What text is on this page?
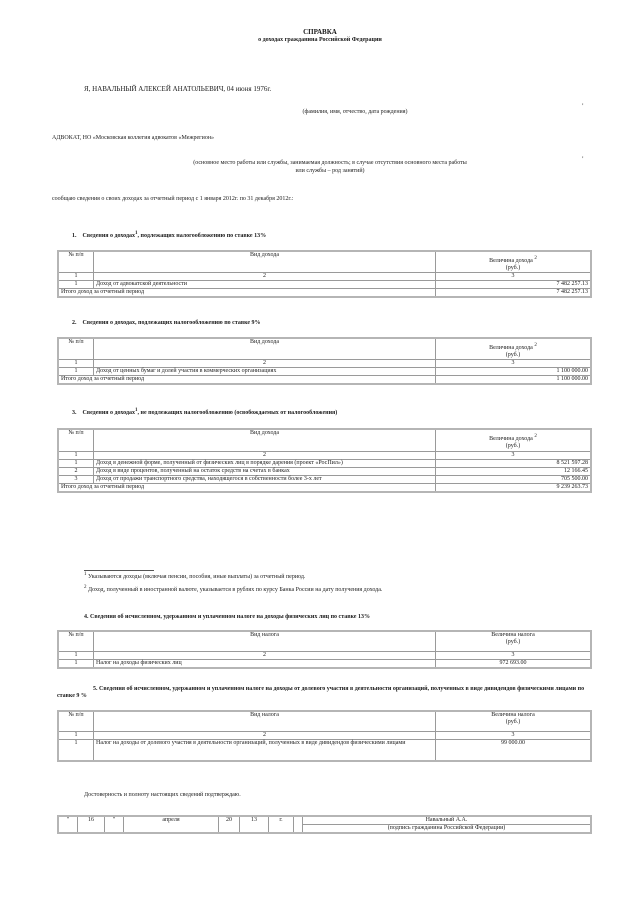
СПРАВКА
о доходах гражданина Российской Федерации
Я, НАВАЛЬНЫЙ АЛЕКСЕЙ АНАТОЛЬЕВИЧ, 04 июня 1976г.
(фамилия, имя, отчество, дата рождения)
,
АДВОКАТ, НО «Московская коллегия адвокатов «Межрегион»
(основное место работы или службы, занимаемая должность; в случае отсутствия основного места работы
или службы – род занятий)
,
сообщаю сведения о своих доходах за отчетный период с 1 января 2012г. по 31 декабря 2012г.:
1. Сведения о доходах$^1$, подлежащих налогообложению по ставке 13%
№ п/п	Вид дохода	Величина дохода $^2$
(руб.)
1	2	3
1	Доход от адвокатской деятельности	7 482 257.13
Итого доход за отчетный период		7 482 257.13
2. Сведения о доходах, подлежащих налогообложению по ставке 9%
№ п/п	Вид дохода	Величина дохода $^2$
(руб.)
1	2	3
1	Доход от ценных бумаг и долей участия в коммерческих организациях	1 100 000.00
Итого доход за отчетный период		1 100 000.00
3. Сведения о доходах$^1$, не подлежащих налогообложению (освобождаемых от налогообложения)
№ п/п	Вид дохода	Величина дохода $^2$
(руб.)
1	2	3
1	Доход в денежной форме, полученный от физических лиц в порядке дарения (проект «РосПил»)	8 521 597.28
2	Доход в виде процентов, полученный на остаток средств на счетах в банках	12 166.45
3	Доход от продажи транспортного средства, находящегося в собственности более 3-х лет	705 500.00
Итого доход за отчетный период		9 239 263.73
$^1$ Указываются доходы (включая пенсии, пособия, иные выплаты) за отчетный период.
$^2$ Доход, полученный в иностранной валюте, указывается в рублях по курсу Банка России на дату получения дохода.
4. Сведения об исчисленном, удержанном и уплаченном налоге на доходы физических лиц по ставке 13%
№ п/п	Вид налога	Величина налога
(руб.)
1	2	3
1	Налог на доходы физических лиц	972 693.00
5. Сведения об исчисленном, удержанном и уплаченном налоге на доходы от долевого участия в деятельности организаций, полученных в виде дивидендов физическими лицами по ставке 9 %
№ п/п	Вид налога	Величина налога
(руб.)
1	2	3
1	Налог на доходы от долевого участия в деятельности организаций, полученных в виде дивидендов физическими лицами	99 000.00
Достоверность и полноту настоящих сведений подтверждаю.
"	16	"	апреля	20	13	г.		Навальный А.А.
(подпись гражданина Российской Федерации)
